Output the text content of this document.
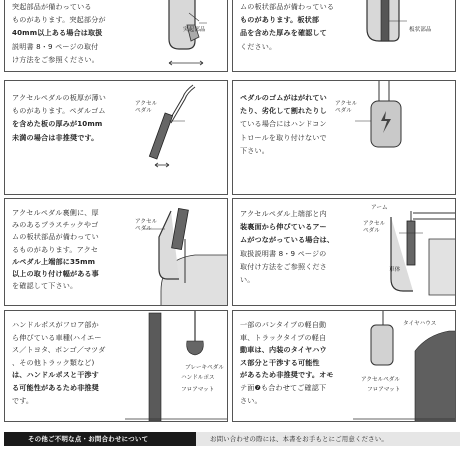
突起部品が備わっている
ものがあります。突起部分が
40mm以上ある場合は取扱
説明書 8・9 ページの取付
け方法をご参照ください。
突起部品
ムの板状部品が備わっている
ものがあります。板状部
品を含めた厚みを確認して
ください。
板状部品
アクセルペダルの板厚が薄い
ものがあります。ペダルゴム
を含めた板の厚みが10mm
未満の場合は非推奨です。
アクセル
ペダル
ペダルのゴムがはがれてい
たり、劣化して割れたりし
ている場合にはハンドコン
トロールを取り付けないで
下さい。
アクセル
ペダル
アクセルペダル裏側に、厚
みのあるプラスチックやゴ
ムの板状部品が備わってい
るものがあります。アクセ
ルペダル上端部に35mm
以上の取り付け幅がある事
を確認して下さい。
アクセル
ペダル
アクセルペダル上端部と内
装裏面から伸びているアー
ムがつながっている場合は、
取扱説明書 8・9 ページの
取付け方法をご参照くださ
い。
アーム
アクセル
ペダル
車体
ハンドルポスがフロア部か
ら伸びている車種(ハイエー
ス／トヨタ、ボンゴ／マツダ
、その他トラック類など)
は、ハンドルポスと干渉す
る可能性があるため非推奨
です。
ブレーキペダル
ハンドルポス
フロアマット
一部のバンタイプの軽自動
車、トラックタイプの軽自
動車は、内装のタイヤハウ
ス部分と干渉する可能性
があるため非推奨です。オモ
テ面❼も合わせてご確認下
さい。
タイヤハウス
アクセルペダル
フロアマット
その他ご不明な点・お問合わせについて	お問い合わせの際には、本書をお手もとにご用意ください。
